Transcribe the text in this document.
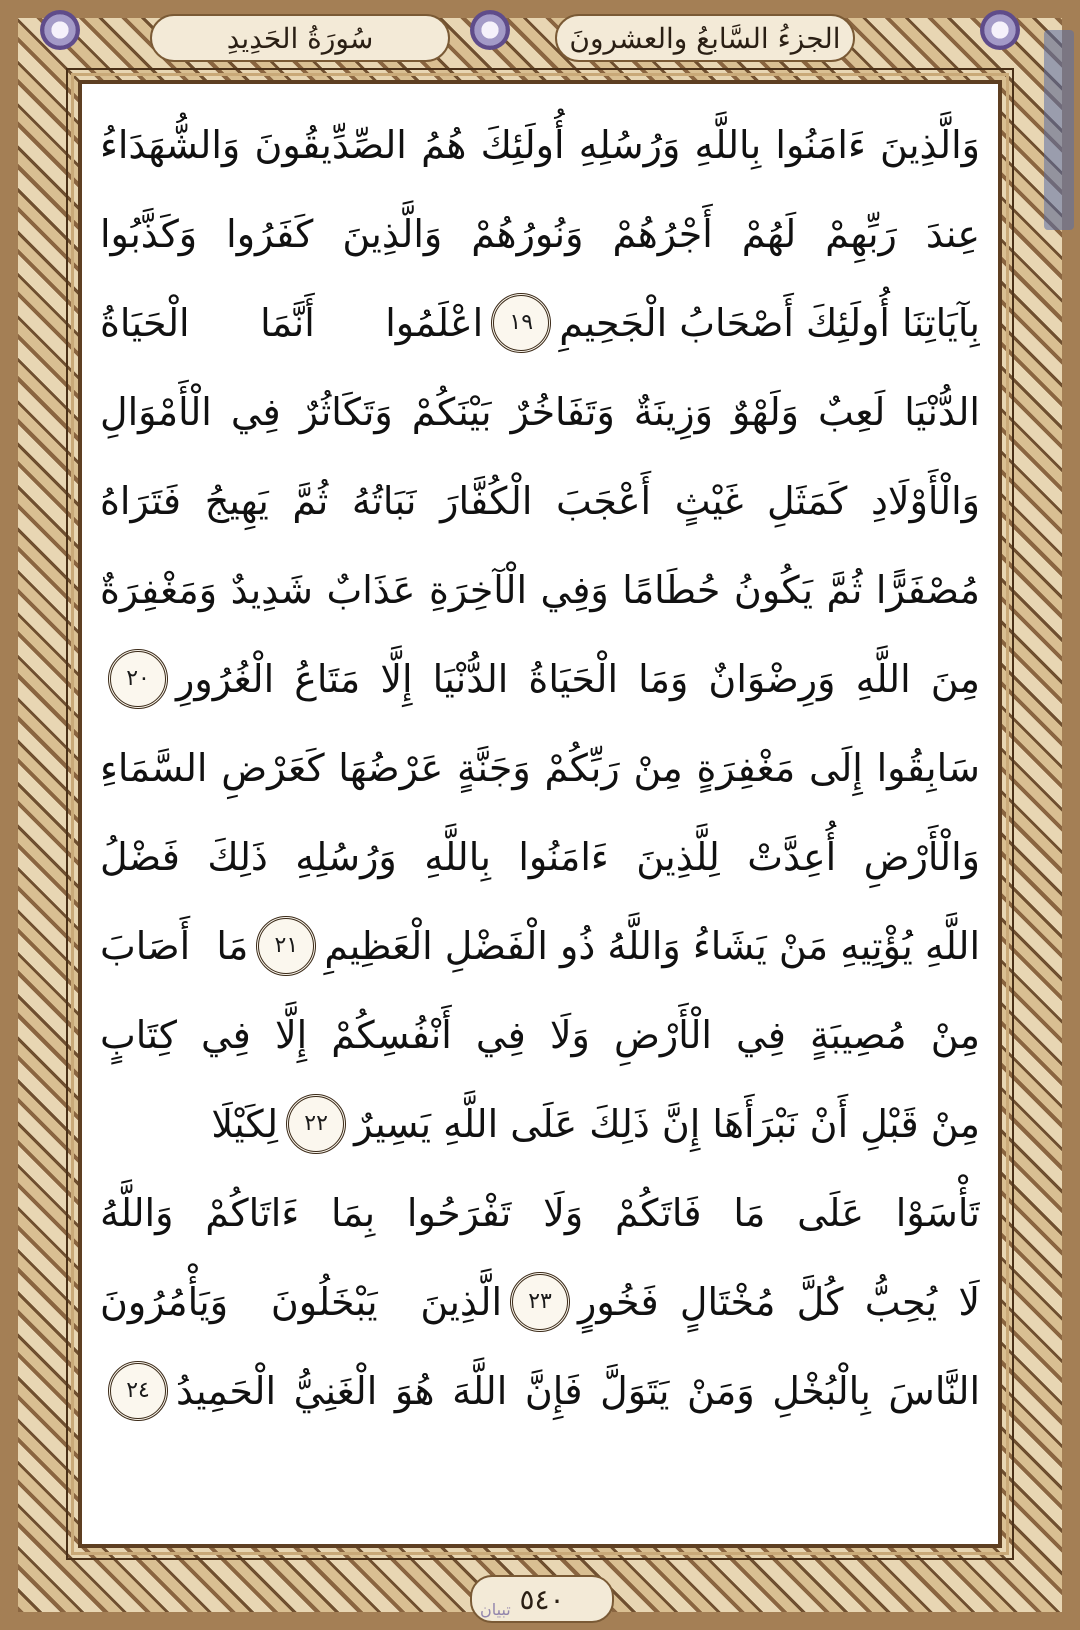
الجزءُ السَّابعُ والعشرونَ
سُورَةُ الحَدِيدِ
وَالَّذِينَ ءَامَنُوا بِاللَّهِ وَرُسُلِهِ أُولَئِكَ هُمُ الصِّدِّيقُونَ وَالشُّهَدَاءُ
عِندَ رَبِّهِمْ لَهُمْ أَجْرُهُمْ وَنُورُهُمْ وَالَّذِينَ كَفَرُوا وَكَذَّبُوا
بِآيَاتِنَا أُولَئِكَ أَصْحَابُ الْجَحِيمِ
١٩
اعْلَمُوا أَنَّمَا الْحَيَاةُ
الدُّنْيَا لَعِبٌ وَلَهْوٌ وَزِينَةٌ وَتَفَاخُرٌ بَيْنَكُمْ وَتَكَاثُرٌ فِي الْأَمْوَالِ
وَالْأَوْلَادِ كَمَثَلِ غَيْثٍ أَعْجَبَ الْكُفَّارَ نَبَاتُهُ ثُمَّ يَهِيجُ فَتَرَاهُ
مُصْفَرًّا ثُمَّ يَكُونُ حُطَامًا وَفِي الْآخِرَةِ عَذَابٌ شَدِيدٌ وَمَغْفِرَةٌ
مِنَ اللَّهِ وَرِضْوَانٌ وَمَا الْحَيَاةُ الدُّنْيَا إِلَّا مَتَاعُ الْغُرُورِ
٢٠
سَابِقُوا إِلَى مَغْفِرَةٍ مِنْ رَبِّكُمْ وَجَنَّةٍ عَرْضُهَا كَعَرْضِ السَّمَاءِ
وَالْأَرْضِ أُعِدَّتْ لِلَّذِينَ ءَامَنُوا بِاللَّهِ وَرُسُلِهِ ذَلِكَ فَضْلُ
اللَّهِ يُؤْتِيهِ مَنْ يَشَاءُ وَاللَّهُ ذُو الْفَضْلِ الْعَظِيمِ
٢١
مَا أَصَابَ
مِنْ مُصِيبَةٍ فِي الْأَرْضِ وَلَا فِي أَنْفُسِكُمْ إِلَّا فِي كِتَابٍ
مِنْ قَبْلِ أَنْ نَبْرَأَهَا إِنَّ ذَلِكَ عَلَى اللَّهِ يَسِيرٌ
٢٢
لِكَيْلَا
تَأْسَوْا عَلَى مَا فَاتَكُمْ وَلَا تَفْرَحُوا بِمَا ءَاتَاكُمْ وَاللَّهُ
لَا يُحِبُّ كُلَّ مُخْتَالٍ فَخُورٍ
٢٣
الَّذِينَ يَبْخَلُونَ وَيَأْمُرُونَ
النَّاسَ بِالْبُخْلِ وَمَنْ يَتَوَلَّ فَإِنَّ اللَّهَ هُوَ الْغَنِيُّ الْحَمِيدُ
٢٤
٥٤٠
تبیان
